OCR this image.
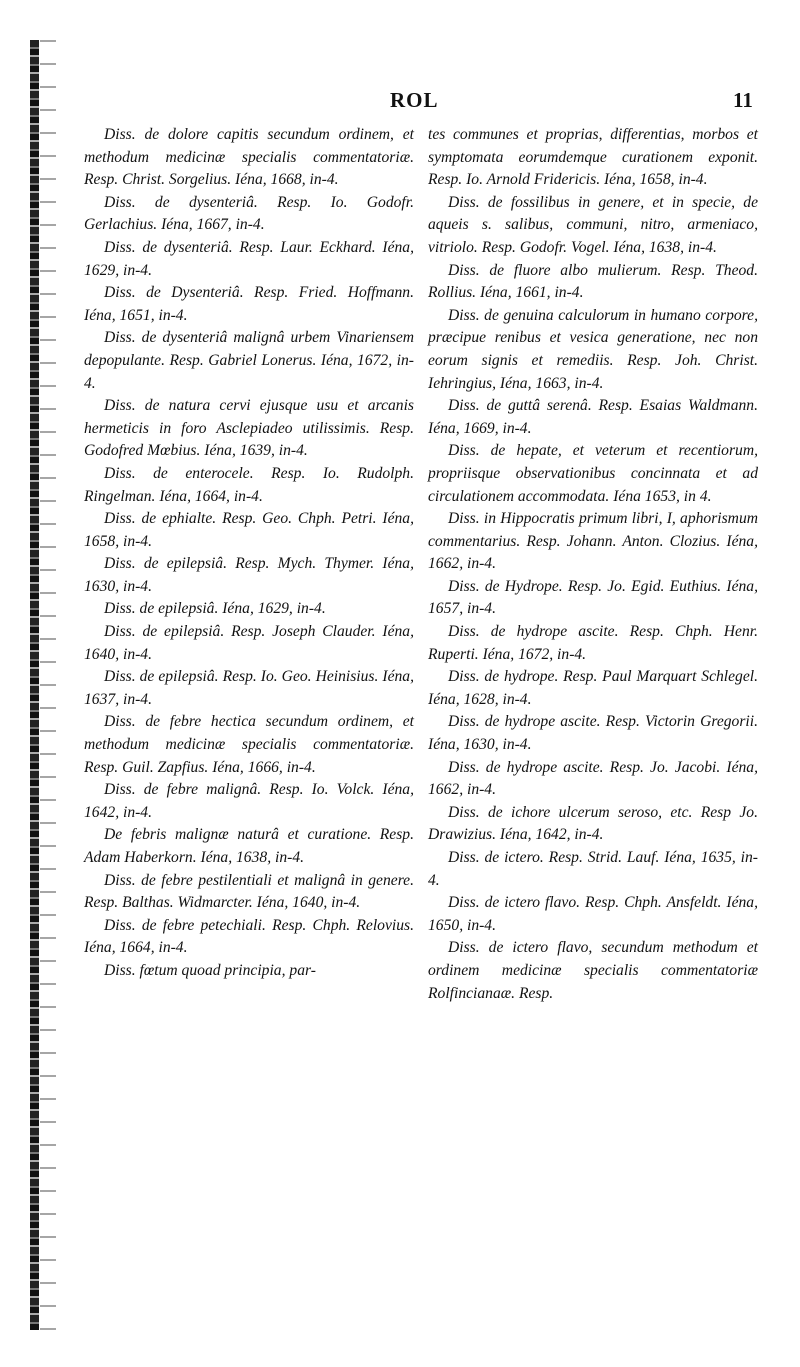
ROL	11

Diss. de dolore capitis secundum ordinem, et methodum medicinæ specialis commentatoriæ. Resp. Christ. Sorgelius. Iéna, 1668, in-4.

Diss. de dysenteriâ. Resp. Io. Godofr. Gerlachius. Iéna, 1667, in-4.

Diss. de dysenteriâ. Resp. Laur. Eckhard. Iéna, 1629, in-4.

Diss. de Dysenteriâ. Resp. Fried. Hoffmann. Iéna, 1651, in-4.

Diss. de dysenteriâ malignâ urbem Vinariensem depopulante. Resp. Gabriel Lonerus. Iéna, 1672, in-4.

Diss. de natura cervi ejusque usu et arcanis hermeticis in foro Asclepiadeo utilissimis. Resp. Godofred Mœbius. Iéna, 1639, in-4.

Diss. de enterocele. Resp. Io. Rudolph. Ringelman. Iéna, 1664, in-4.

Diss. de ephialte. Resp. Geo. Chph. Petri. Iéna, 1658, in-4.

Diss. de epilepsiâ. Resp. Mych. Thymer. Iéna, 1630, in-4.

Diss. de epilepsiâ. Iéna, 1629, in-4.

Diss. de epilepsiâ. Resp. Joseph Clauder. Iéna, 1640, in-4.

Diss. de epilepsiâ. Resp. Io. Geo. Heinisius. Iéna, 1637, in-4.

Diss. de febre hectica secundum ordinem, et methodum medicinæ specialis commentatoriæ. Resp. Guil. Zapfius. Iéna, 1666, in-4.

Diss. de febre malignâ. Resp. Io. Volck. Iéna, 1642, in-4.

De febris malignæ naturâ et curatione. Resp. Adam Haberkorn. Iéna, 1638, in-4.

Diss. de febre pestilentiali et malignâ in genere. Resp. Balthas. Widmarcter. Iéna, 1640, in-4.

Diss. de febre petechiali. Resp. Chph. Relovius. Iéna, 1664, in-4.

Diss. fœtum quoad principia, par-

tes communes et proprias, differentias, morbos et symptomata eorumdemque curationem exponit. Resp. Io. Arnold Fridericis. Iéna, 1658, in-4.

Diss. de fossilibus in genere, et in specie, de aqueis s. salibus, communi, nitro, armeniaco, vitriolo. Resp. Godofr. Vogel. Iéna, 1638, in-4.

Diss. de fluore albo mulierum. Resp. Theod. Rollius. Iéna, 1661, in-4.

Diss. de genuina calculorum in humano corpore, præcipue renibus et vesica generatione, nec non eorum signis et remediis. Resp. Joh. Christ. Iehringius, Iéna, 1663, in-4.

Diss. de guttâ serenâ. Resp. Esaias Waldmann. Iéna, 1669, in-4.

Diss. de hepate, et veterum et recentiorum, propriisque observationibus concinnata et ad circulationem accommodata. Iéna 1653, in 4.

Diss. in Hippocratis primum libri, I, aphorismum commentarius. Resp. Johann. Anton. Clozius. Iéna, 1662, in-4.

Diss. de Hydrope. Resp. Jo. Egid. Euthius. Iéna, 1657, in-4.

Diss. de hydrope ascite. Resp. Chph. Henr. Ruperti. Iéna, 1672, in-4.

Diss. de hydrope. Resp. Paul Marquart Schlegel. Iéna, 1628, in-4.

Diss. de hydrope ascite. Resp. Victorin Gregorii. Iéna, 1630, in-4.

Diss. de hydrope ascite. Resp. Jo. Jacobi. Iéna, 1662, in-4.

Diss. de ichore ulcerum seroso, etc. Resp Jo. Drawizius. Iéna, 1642, in-4.

Diss. de ictero. Resp. Strid. Lauf. Iéna, 1635, in-4.

Diss. de ictero flavo. Resp. Chph. Ansfeldt. Iéna, 1650, in-4.

Diss. de ictero flavo, secundum methodum et ordinem medicinæ specialis commentatoriæ Rolfincianaæ. Resp.
